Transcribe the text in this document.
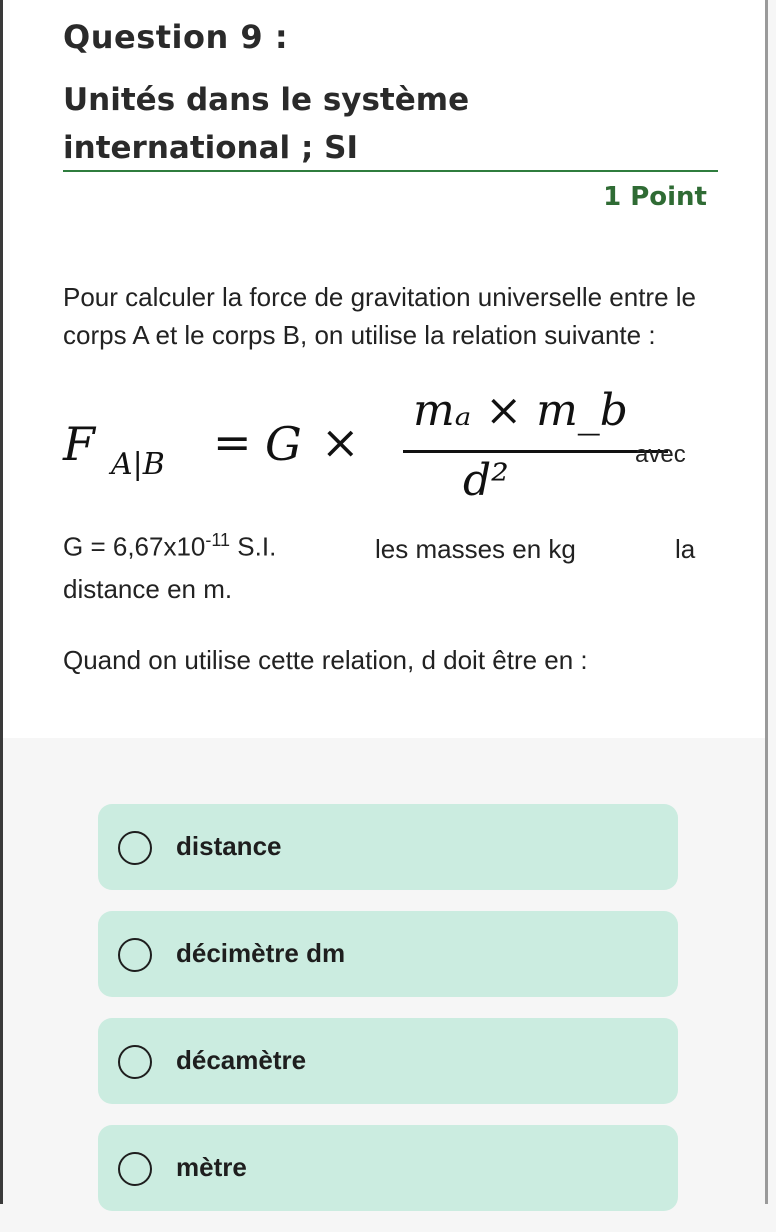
Question 9 :
Unités dans le système international ; SI
1 Point
Pour calculer la force de gravitation universelle entre le corps A et le corps B, on utilise la relation suivante :
F A|B = G ×
mₐ × m_b
d²
avec
$G = 6,67x10^{-11}$ S.I.	les masses en kg	la
distance en m.
Quand on utilise cette relation, d doit être en :
distance
décimètre dm
décamètre
mètre
